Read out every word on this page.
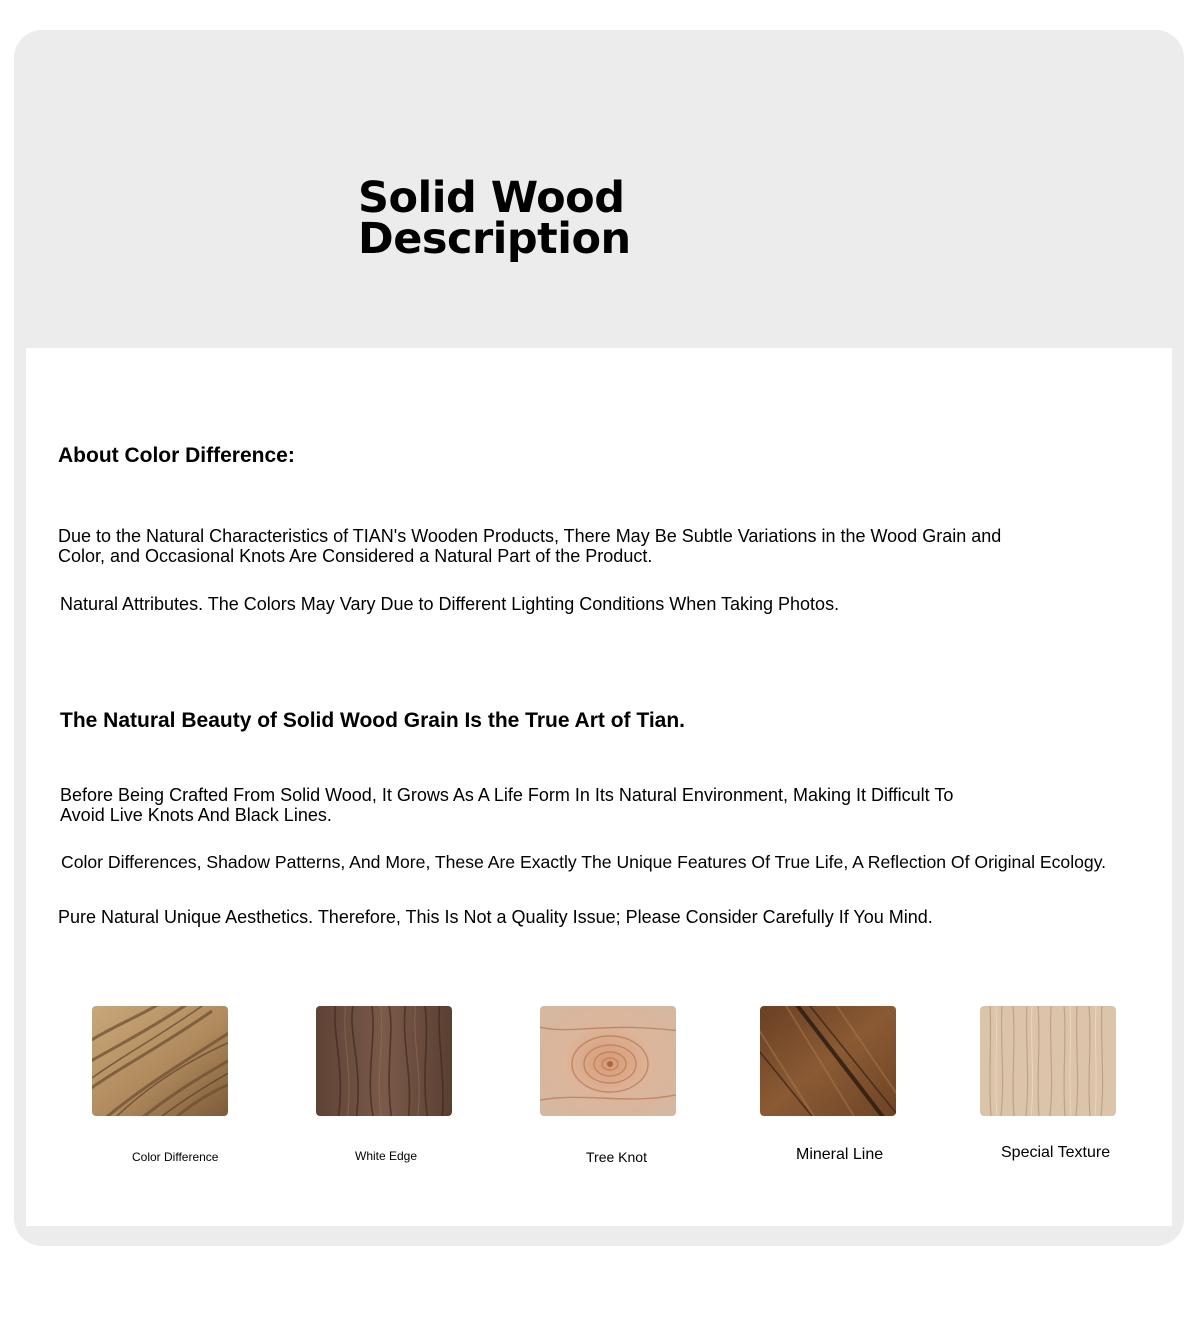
Solid Wood
Description
About Color Difference:

Due to the Natural Characteristics of TIAN's Wooden Products, There May Be Subtle Variations in the Wood Grain and

Color, and Occasional Knots Are Considered a Natural Part of the Product.

Natural Attributes. The Colors May Vary Due to Different Lighting Conditions When Taking Photos.

The Natural Beauty of Solid Wood Grain Is the True Art of Tian.

Before Being Crafted From Solid Wood, It Grows As A Life Form In Its Natural Environment, Making It Difficult To

Avoid Live Knots And Black Lines.

Color Differences, Shadow Patterns, And More, These Are Exactly The Unique Features Of True Life, A Reflection Of Original Ecology.

Pure Natural Unique Aesthetics. Therefore, This Is Not a Quality Issue; Please Consider Carefully If You Mind.

Color Difference	White Edge	Tree Knot	Mineral Line	Special Texture
